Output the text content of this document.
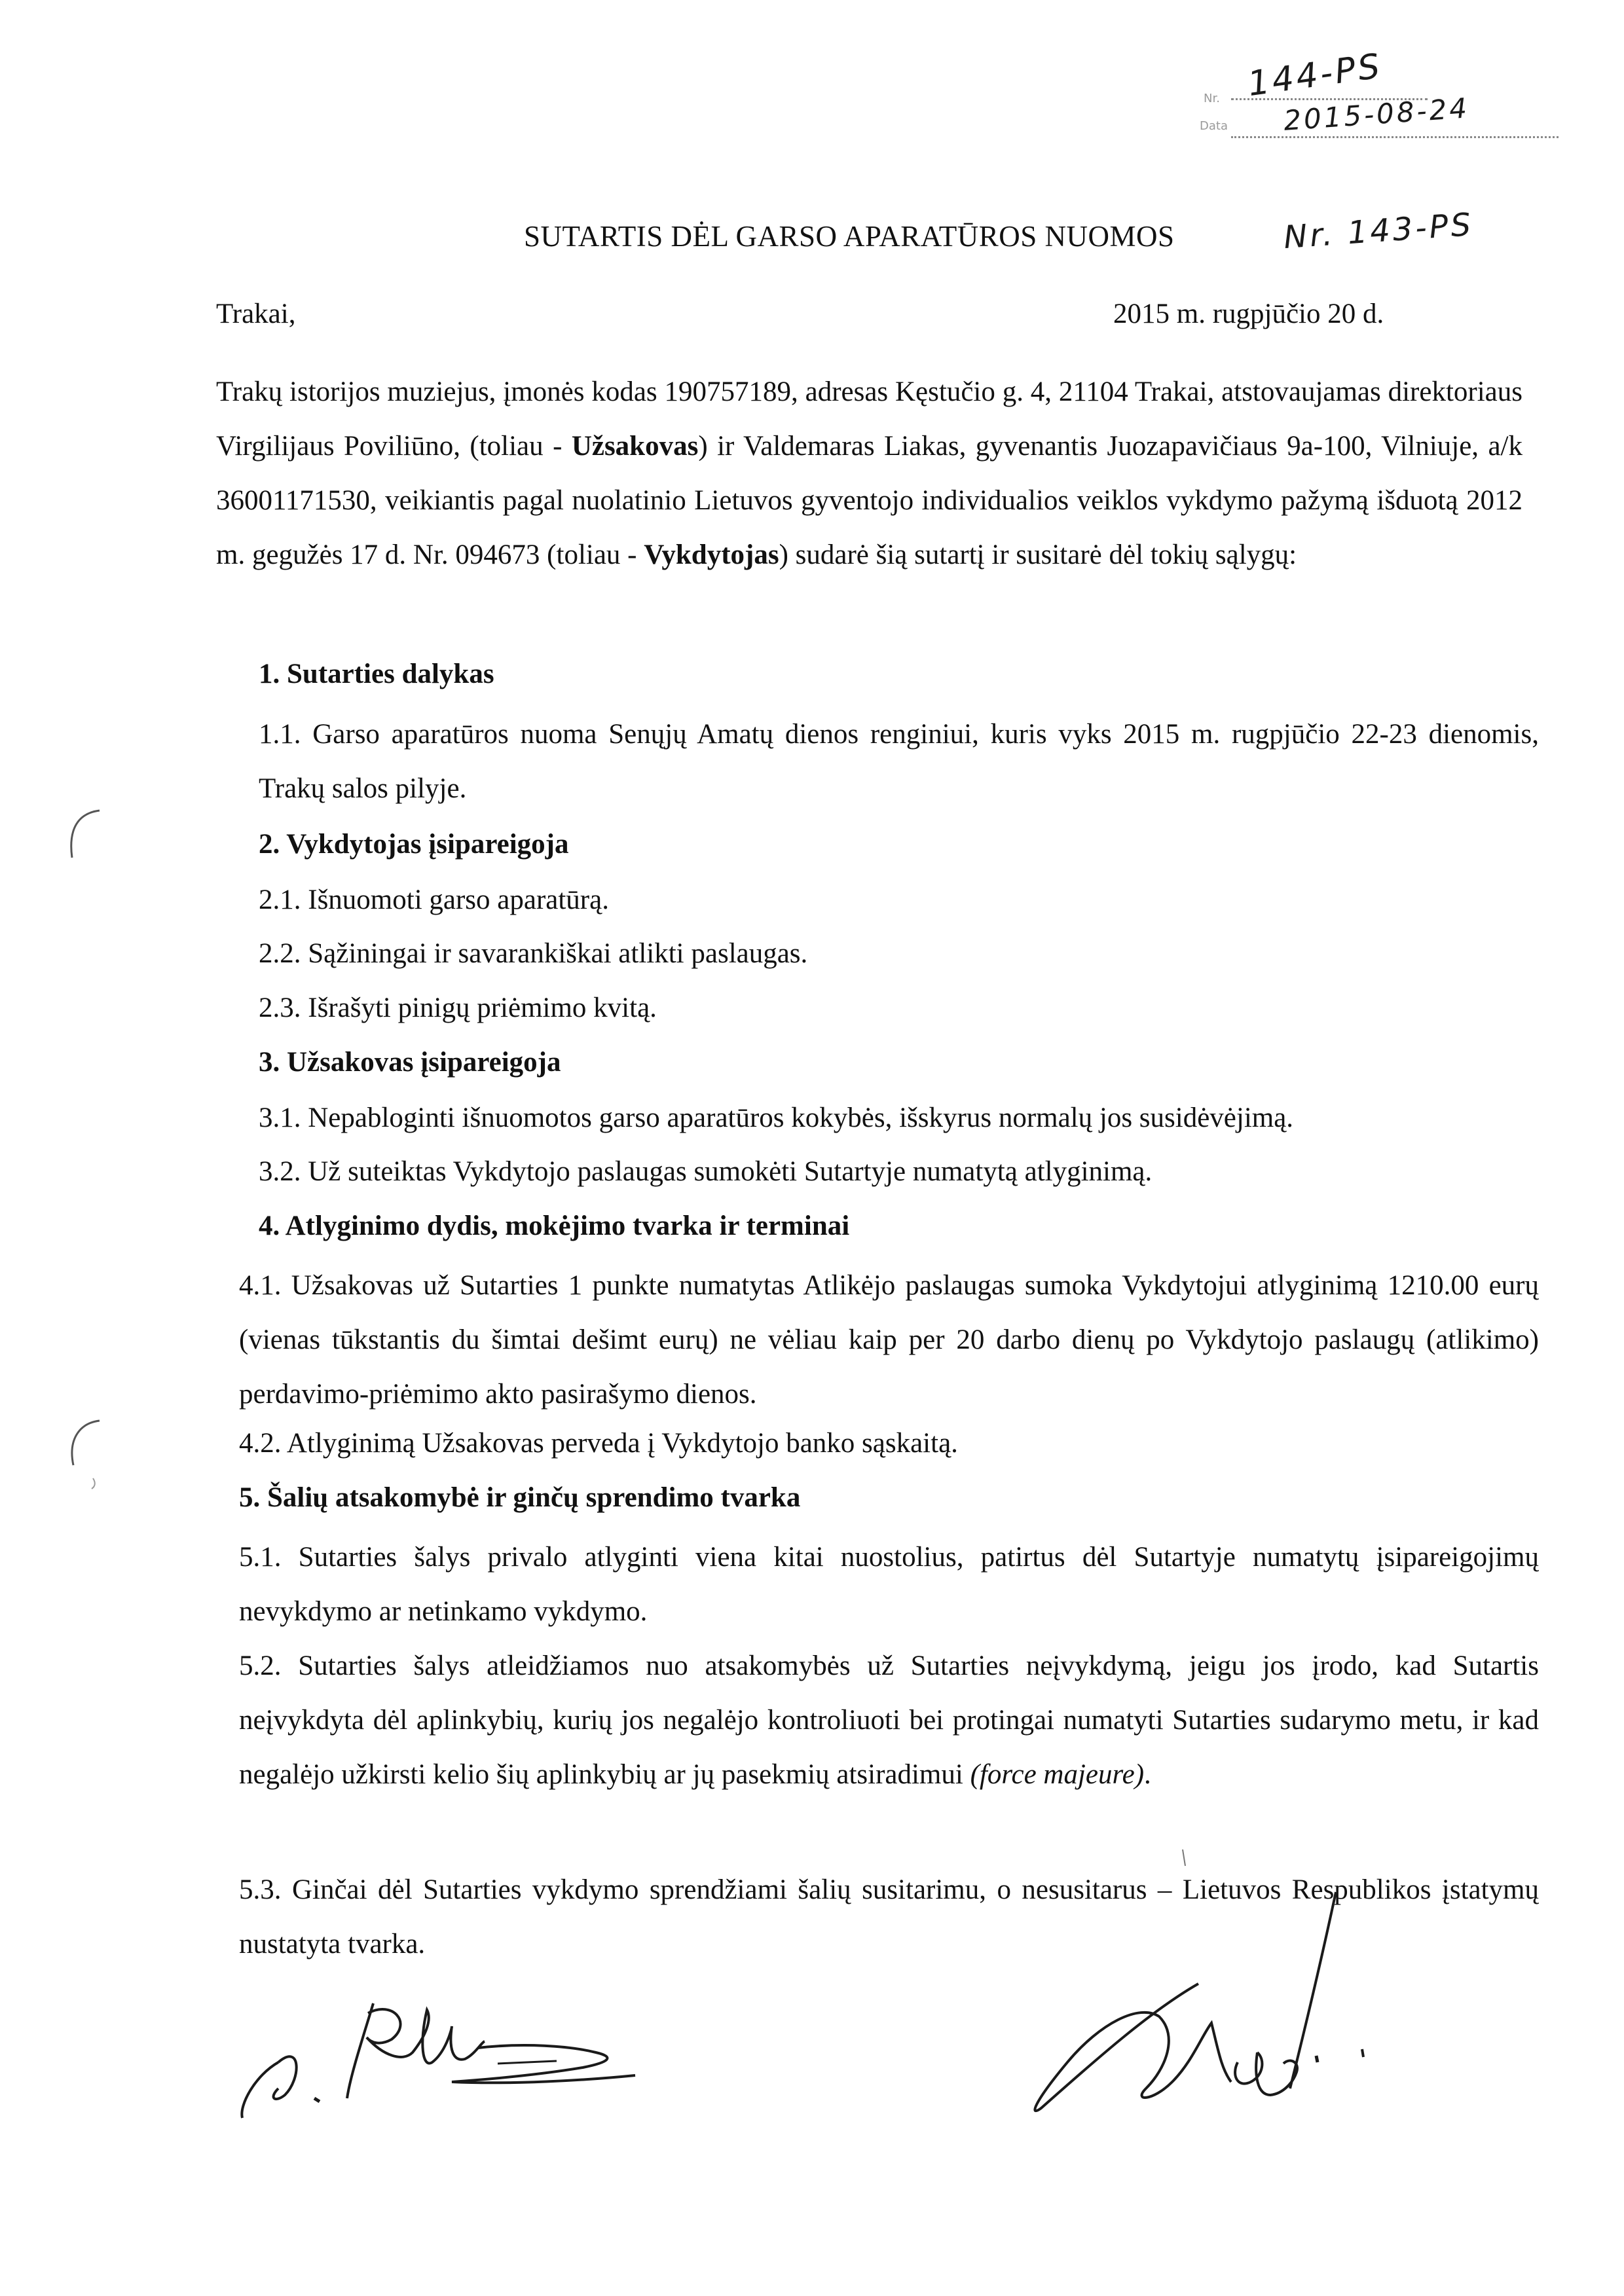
Nr.
Data
144-PS
2015-08-24
SUTARTIS DĖL GARSO APARATŪROS NUOMOS	Nr. 143-PS
Trakai,	2015 m. rugpjūčio 20 d.
Trakų istorijos muziejus, įmonės kodas 190757189, adresas Kęstučio g. 4, 21104 Trakai, atstovaujamas direktoriaus Virgilijaus Poviliūno, (toliau - Užsakovas) ir Valdemaras Liakas, gyvenantis Juozapavičiaus 9a-100, Vilniuje, a/k 36001171530, veikiantis pagal nuolatinio Lietuvos gyventojo individualios veiklos vykdymo pažymą išduotą 2012 m. gegužės 17 d. Nr. 094673 (toliau - Vykdytojas) sudarė šią sutartį ir susitarė dėl tokių sąlygų:
1. Sutarties dalykas
1.1. Garso aparatūros nuoma Senųjų Amatų dienos renginiui, kuris vyks 2015 m. rugpjūčio 22-23 dienomis, Trakų salos pilyje.
2. Vykdytojas įsipareigoja
2.1. Išnuomoti garso aparatūrą.
2.2. Sąžiningai ir savarankiškai atlikti paslaugas.
2.3. Išrašyti pinigų priėmimo kvitą.
3. Užsakovas įsipareigoja
3.1. Nepabloginti išnuomotos garso aparatūros kokybės, išskyrus normalų jos susidėvėjimą.
3.2. Už suteiktas Vykdytojo paslaugas sumokėti Sutartyje numatytą atlyginimą.
4. Atlyginimo dydis, mokėjimo tvarka ir terminai
4.1. Užsakovas už Sutarties 1 punkte numatytas Atlikėjo paslaugas sumoka Vykdytojui atlyginimą 1210.00 eurų (vienas tūkstantis du šimtai dešimt eurų) ne vėliau kaip per 20 darbo dienų po Vykdytojo paslaugų (atlikimo) perdavimo-priėmimo akto pasirašymo dienos.
4.2. Atlyginimą Užsakovas perveda į Vykdytojo banko sąskaitą.
5. Šalių atsakomybė ir ginčų sprendimo tvarka
5.1. Sutarties šalys privalo atlyginti viena kitai nuostolius, patirtus dėl Sutartyje numatytų įsipareigojimų nevykdymo ar netinkamo vykdymo.
5.2. Sutarties šalys atleidžiamos nuo atsakomybės už Sutarties neįvykdymą, jeigu jos įrodo, kad Sutartis neįvykdyta dėl aplinkybių, kurių jos negalėjo kontroliuoti bei protingai numatyti Sutarties sudarymo metu, ir kad negalėjo užkirsti kelio šių aplinkybių ar jų pasekmių atsiradimui (force majeure).
5.3. Ginčai dėl Sutarties vykdymo sprendžiami šalių susitarimu, o nesusitarus – Lietuvos Respublikos įstatymų nustatyta tvarka.
